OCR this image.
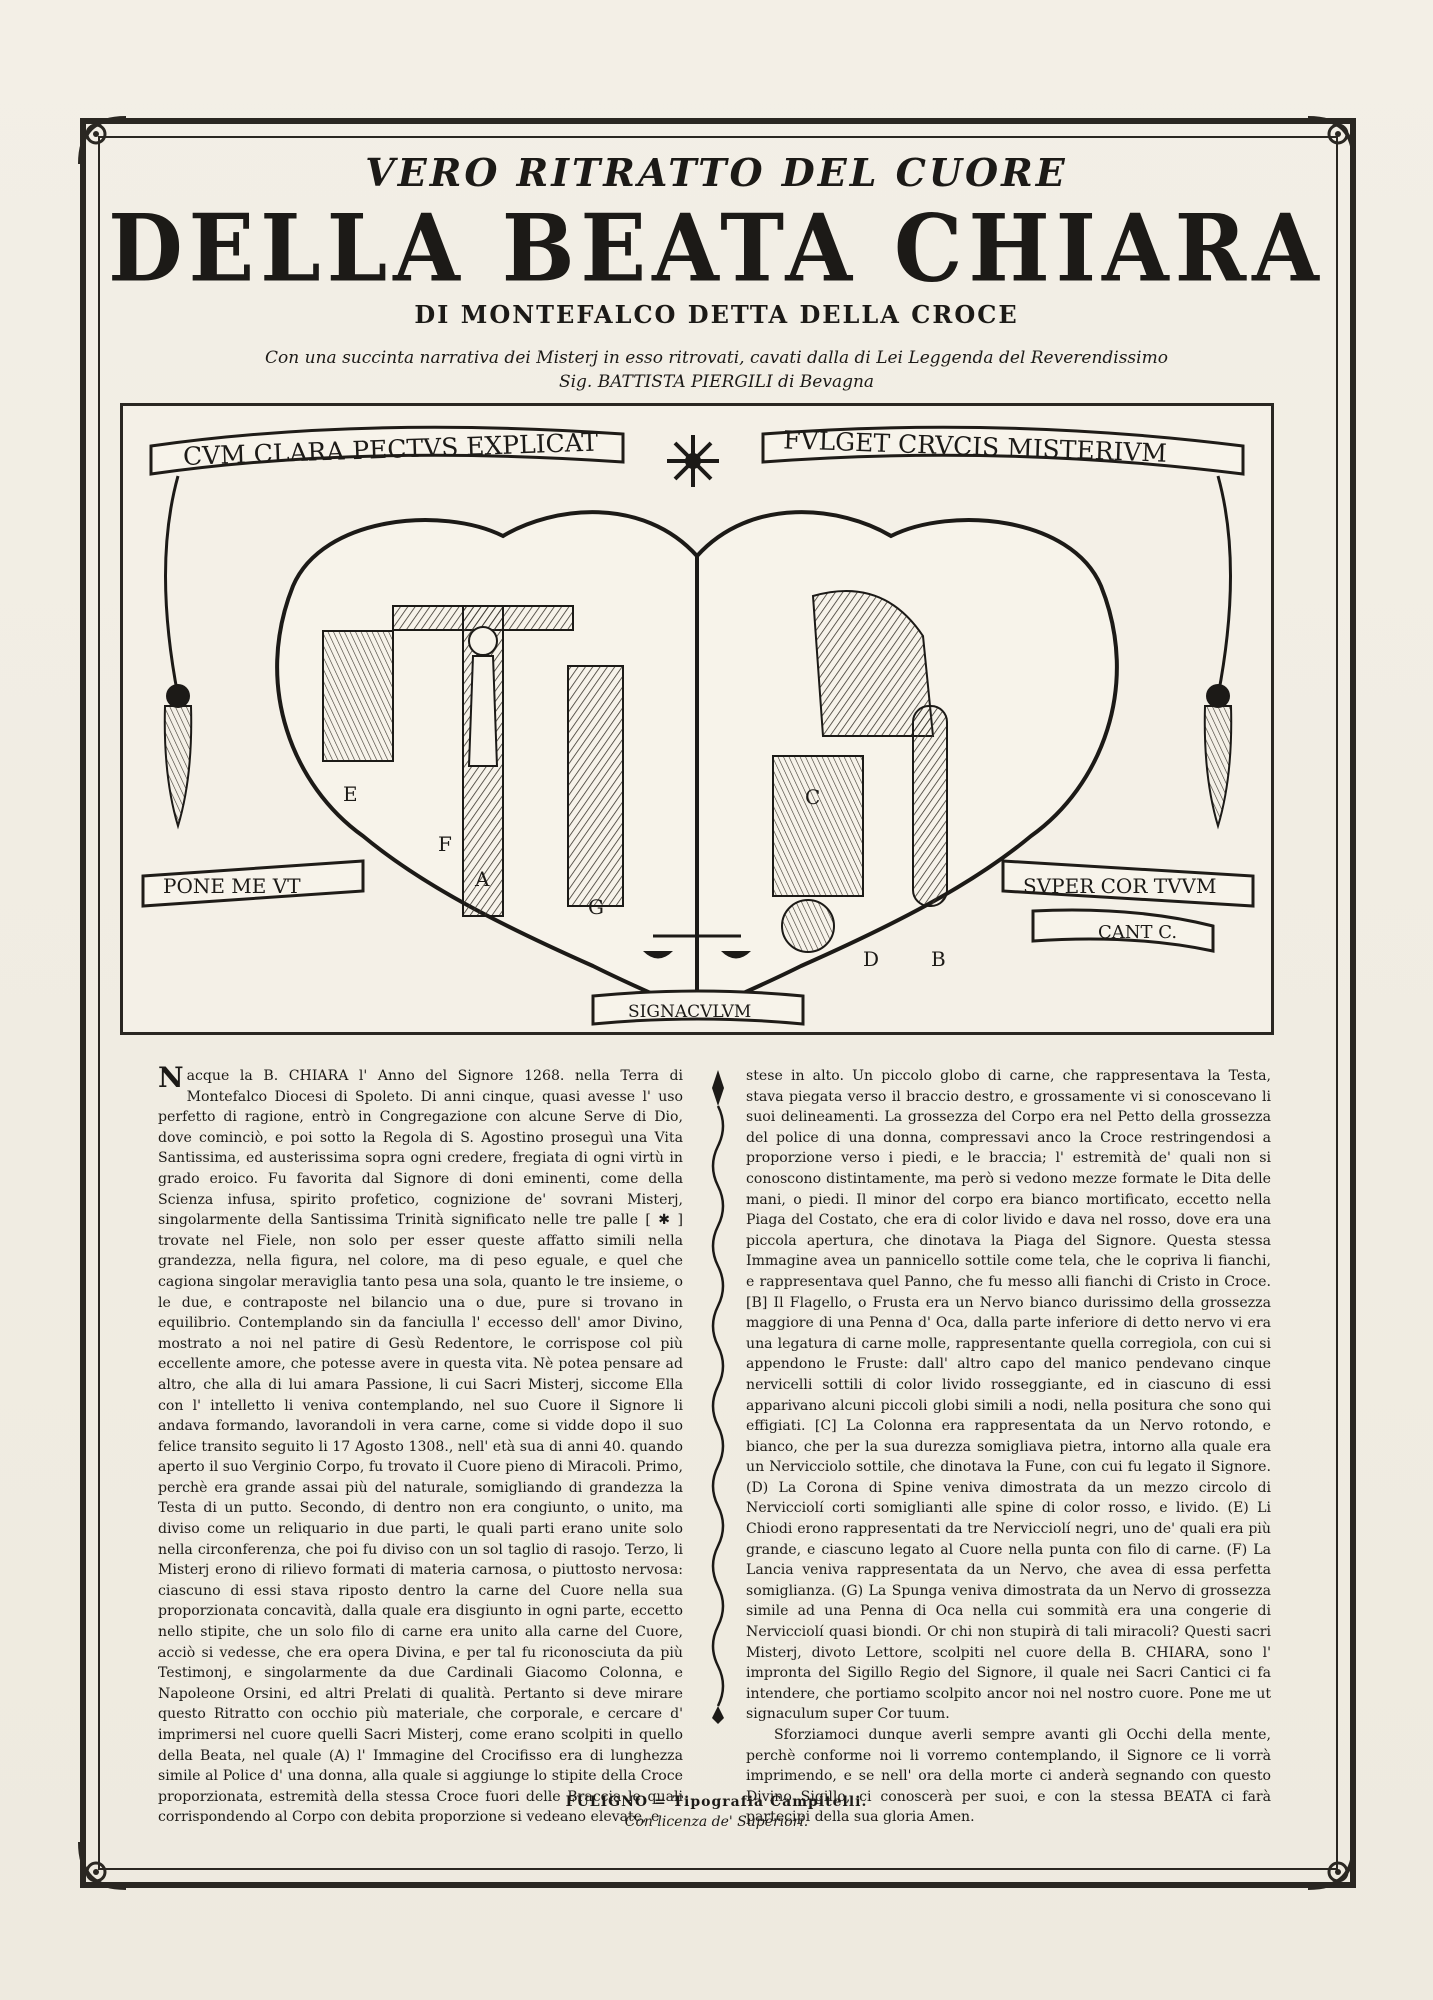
VERO RITRATTO DEL CUORE
DELLA BEATA CHIARA
DI MONTEFALCO DETTA DELLA CROCE
Con una succinta narrativa dei Misterj in esso ritrovati, cavati dalla di Lei Leggenda del Reverendissimo
Sig. BATTISTA PIERGILI di Bevagna
CVM CLARA PECTVS EXPLICAT	FVLGET CRVCIS MISTERIVM
PONE ME VT	SVPER COR TVVM
CANT C.
SIGNACVLVM
A
B
C
D
E
F
G

Nacque la B. CHIARA l' Anno del Signore 1268. nella Terra di Montefalco Diocesi di Spoleto. Di anni cinque, quasi avesse l' uso perfetto di ragione, entrò in Congregazione con alcune Serve di Dio, dove cominciò, e poi sotto la Regola di S. Agostino proseguì una Vita Santissima, ed austerissima sopra ogni credere, fregiata di ogni virtù in grado eroico. Fu favorita dal Signore di doni eminenti, come della Scienza infusa, spirito profetico, cognizione de' sovrani Misterj, singolarmente della Santissima Trinità significato nelle tre palle [ ✱ ] trovate nel Fiele, non solo per esser queste affatto simili nella grandezza, nella figura, nel colore, ma di peso eguale, e quel che cagiona singolar meraviglia tanto pesa una sola, quanto le tre insieme, o le due, e contraposte nel bilancio una o due, pure si trovano in equilibrio. Contemplando sin da fanciulla l' eccesso dell' amor Divino, mostrato a noi nel patire di Gesù Redentore, le corrispose col più eccellente amore, che potesse avere in questa vita. Nè potea pensare ad altro, che alla di lui amara Passione, li cui Sacri Misterj, siccome Ella con l' intelletto li veniva contemplando, nel suo Cuore il Signore li andava formando, lavorandoli in vera carne, come si vidde dopo il suo felice transito seguito li 17 Agosto 1308., nell' età sua di anni 40. quando aperto il suo Verginio Corpo, fu trovato il Cuore pieno di Miracoli. Primo, perchè era grande assai più del naturale, somigliando di grandezza la Testa di un putto. Secondo, di dentro non era congiunto, o unito, ma diviso come un reliquario in due parti, le quali parti erano unite solo nella circonferenza, che poi fu diviso con un sol taglio di rasojo. Terzo, li Misterj erono di rilievo formati di materia carnosa, o piuttosto nervosa: ciascuno di essi stava riposto dentro la carne del Cuore nella sua proporzionata concavità, dalla quale era disgiunto in ogni parte, eccetto nello stipite, che un solo filo di carne era unito alla carne del Cuore, acciò si vedesse, che era opera Divina, e per tal fu riconosciuta da più Testimonj, e singolarmente da due Cardinali Giacomo Colonna, e Napoleone Orsini, ed altri Prelati di qualità. Pertanto si deve mirare questo Ritratto con occhio più materiale, che corporale, e cercare d' imprimersi nel cuore quelli Sacri Misterj, come erano scolpiti in quello della Beata, nel quale (A) l' Immagine del Crocifisso era di lunghezza simile al Police d' una donna, alla quale si aggiunge lo stipite della Croce proporzionata, estremità della stessa Croce fuori delle Braccia le quali corrispondendo al Corpo con debita proporzione si vedeano elevate, e

stese in alto. Un piccolo globo di carne, che rappresentava la Testa, stava piegata verso il braccio destro, e grossamente vi si conoscevano li suoi delineamenti. La grossezza del Corpo era nel Petto della grossezza del police di una donna, compressavi anco la Croce restringendosi a proporzione verso i piedi, e le braccia; l' estremità de' quali non si conoscono distintamente, ma però si vedono mezze formate le Dita delle mani, o piedi. Il minor del corpo era bianco mortificato, eccetto nella Piaga del Costato, che era di color livido e dava nel rosso, dove era una piccola apertura, che dinotava la Piaga del Signore. Questa stessa Immagine avea un pannicello sottile come tela, che le copriva li fianchi, e rappresentava quel Panno, che fu messo alli fianchi di Cristo in Croce. [B] Il Flagello, o Frusta era un Nervo bianco durissimo della grossezza maggiore di una Penna d' Oca, dalla parte inferiore di detto nervo vi era una legatura di carne molle, rappresentante quella corregiola, con cui si appendono le Fruste: dall' altro capo del manico pendevano cinque nervicelli sottili di color livido rosseggiante, ed in ciascuno di essi apparivano alcuni piccoli globi simili a nodi, nella positura che sono qui effigiati. [C] La Colonna era rappresentata da un Nervo rotondo, e bianco, che per la sua durezza somigliava pietra, intorno alla quale era un Nervicciolo sottile, che dinotava la Fune, con cui fu legato il Signore. (D) La Corona di Spine veniva dimostrata da un mezzo circolo di Nervicciolí corti somiglianti alle spine di color rosso, e livido. (E) Li Chiodi erono rappresentati da tre Nervicciolí negri, uno de' quali era più grande, e ciascuno legato al Cuore nella punta con filo di carne. (F) La Lancia veniva rappresentata da un Nervo, che avea di essa perfetta somiglianza. (G) La Spunga veniva dimostrata da un Nervo di grossezza simile ad una Penna di Oca nella cui sommità era una congerie di Nervicciolí quasi biondi. Or chi non stupirà di tali miracoli? Questi sacri Misterj, divoto Lettore, scolpiti nel cuore della B. CHIARA, sono l' impronta del Sigillo Regio del Signore, il quale nei Sacri Cantici ci fa intendere, che portiamo scolpito ancor noi nel nostro cuore. Pone me ut signaculum super Cor tuum.

Sforziamoci dunque averli sempre avanti gli Occhi della mente, perchè conforme noi li vorremo contemplando, il Signore ce li vorrà imprimendo, e se nell' ora della morte ci anderà segnando con questo Divino Sigillo, ci conoscerà per suoi, e con la stessa BEATA ci farà partecipi della sua gloria Amen.

FULIGNO = Tipografia Campitelli.
Con licenza de' Superiori.
